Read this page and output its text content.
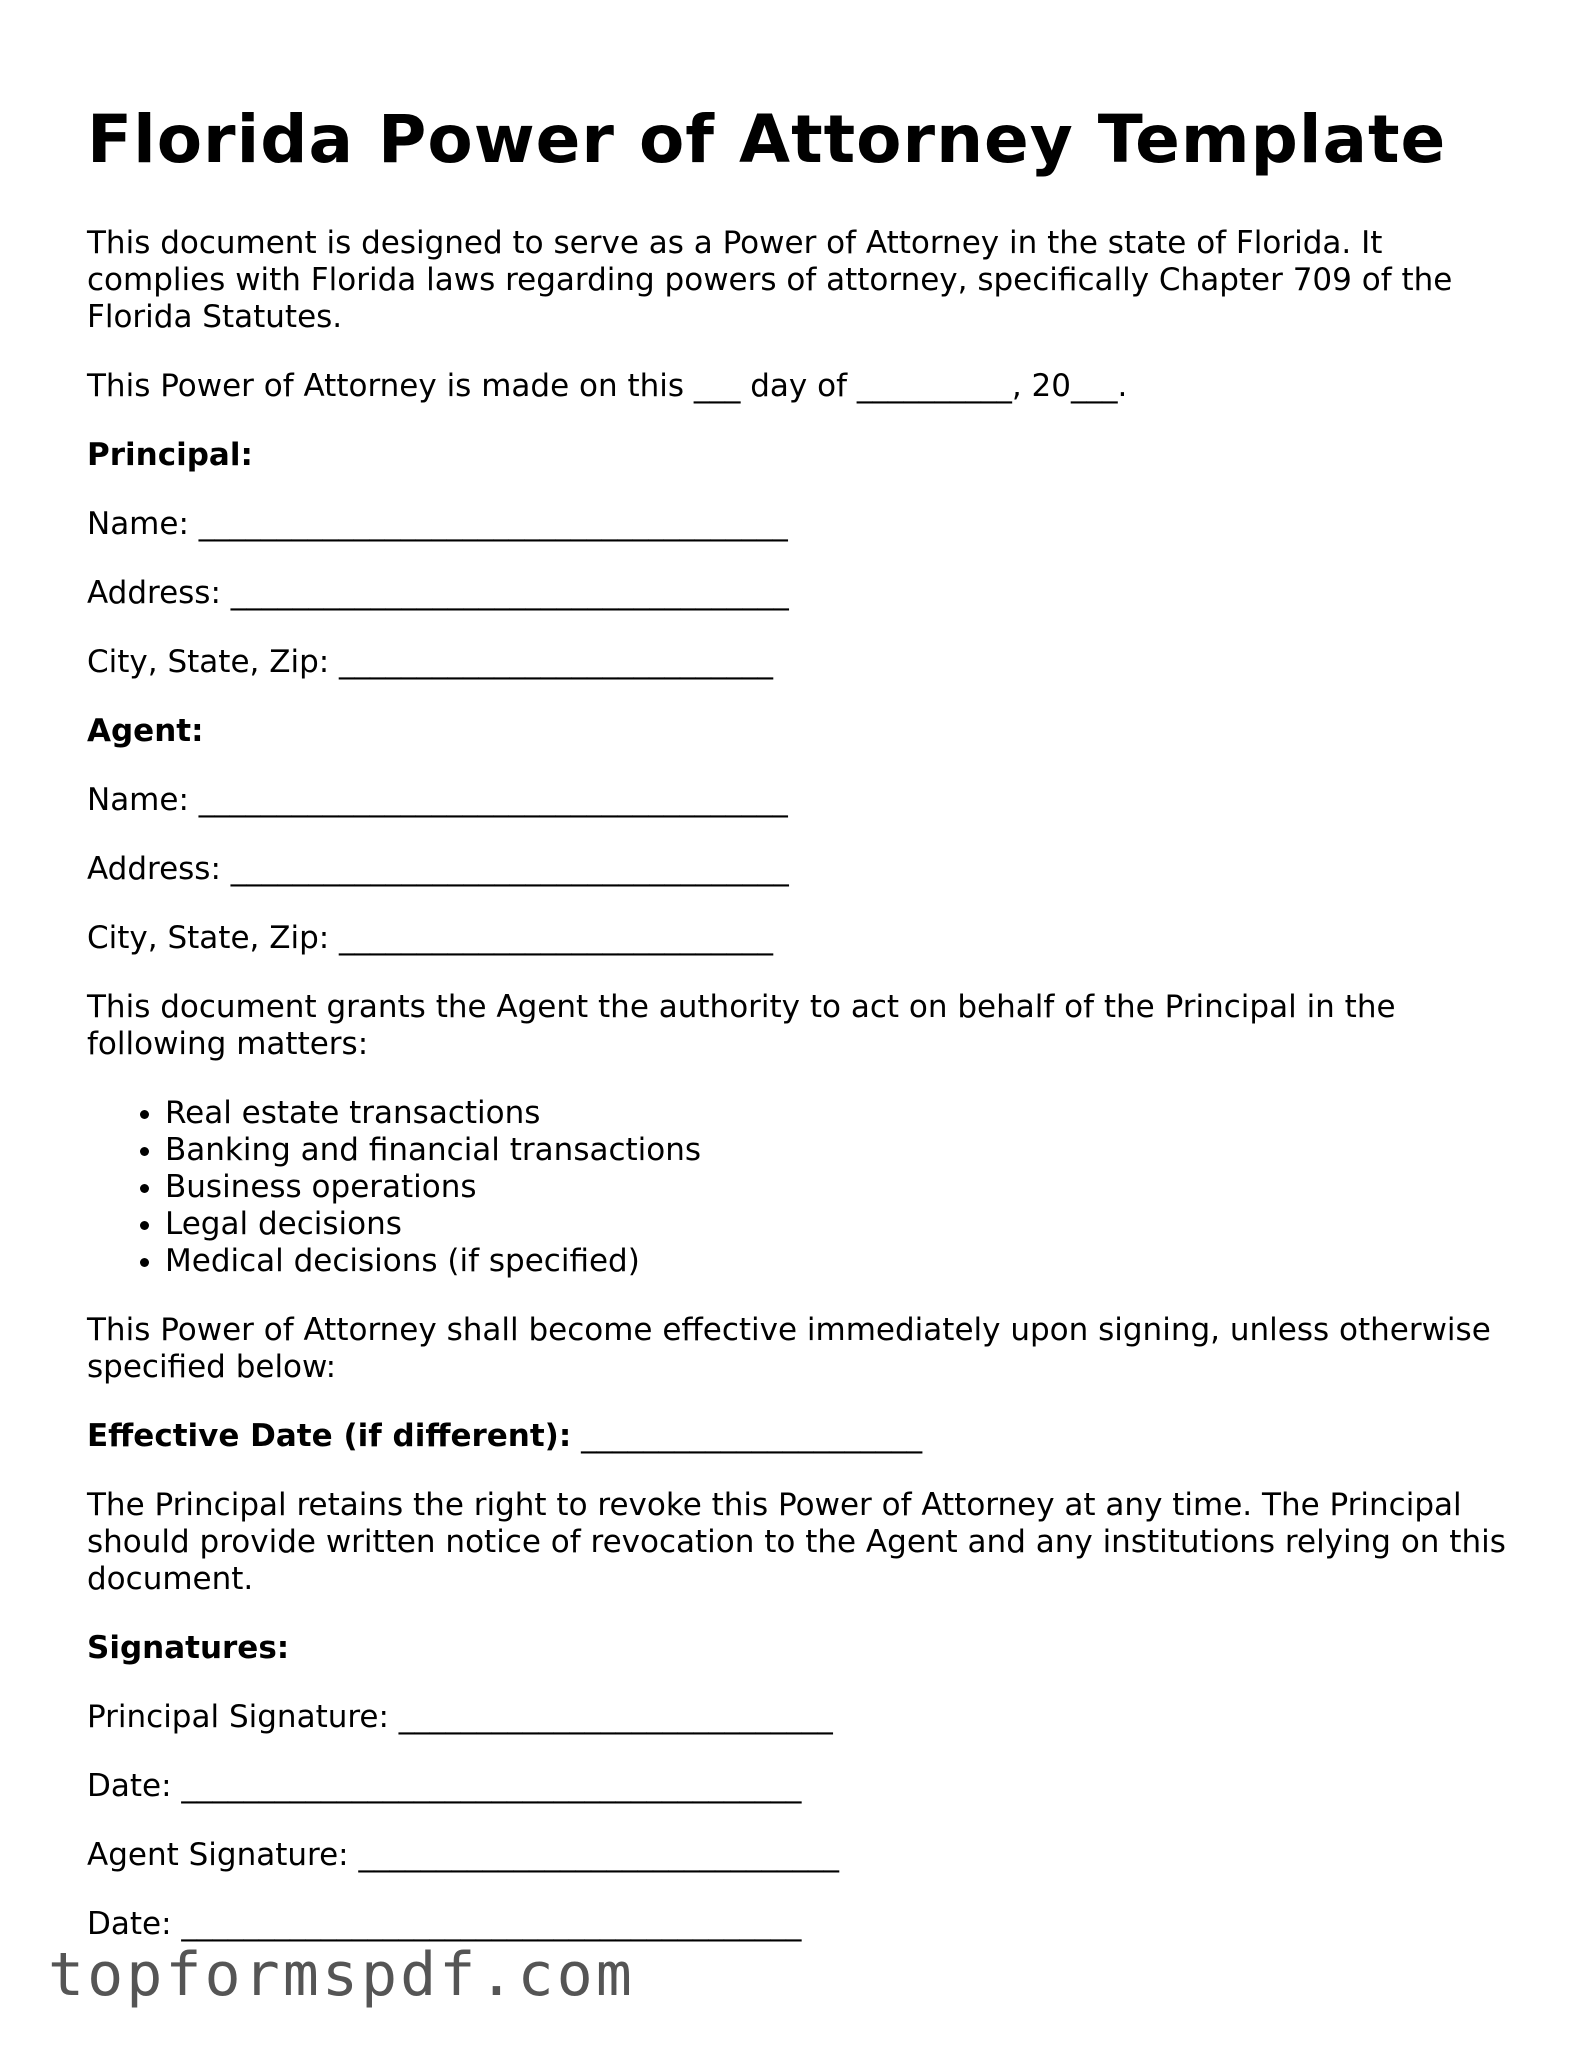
Florida Power of Attorney Template

This document is designed to serve as a Power of Attorney in the state of Florida. It complies with Florida laws regarding powers of attorney, specifically Chapter 709 of the Florida Statutes.

This Power of Attorney is made on this ___ day of __________, 20___.

Principal:

Name: ______________________________________
Address: ____________________________________
City, State, Zip: ____________________________

Agent:

Name: ______________________________________
Address: ____________________________________
City, State, Zip: ____________________________

This document grants the Agent the authority to act on behalf of the Principal in the following matters:

• Real estate transactions
• Banking and financial transactions
• Business operations
• Legal decisions
• Medical decisions (if specified)

This Power of Attorney shall become effective immediately upon signing, unless otherwise specified below:

Effective Date (if different): ______________________

The Principal retains the right to revoke this Power of Attorney at any time. The Principal should provide written notice of revocation to the Agent and any institutions relying on this document.

Signatures:

Principal Signature: ____________________________
Date: ________________________________________
Agent Signature: _______________________________
Date: ________________________________________
topformspdf.com
